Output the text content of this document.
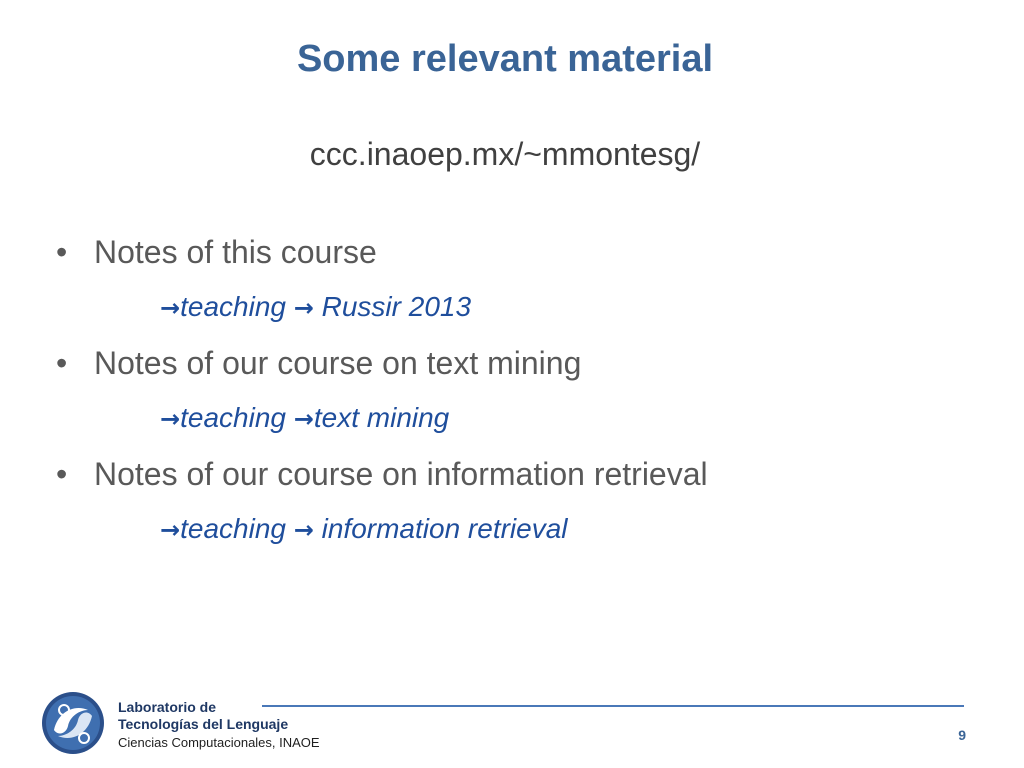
Some relevant material
ccc.inaoep.mx/~mmontesg/
• Notes of this course
→teaching → Russir 2013
• Notes of our course on text mining
→teaching →text mining
• Notes of our course on information retrieval
→teaching → information retrieval
Laboratorio de
Tecnologías del Lenguaje
Ciencias Computacionales, INAOE	9
